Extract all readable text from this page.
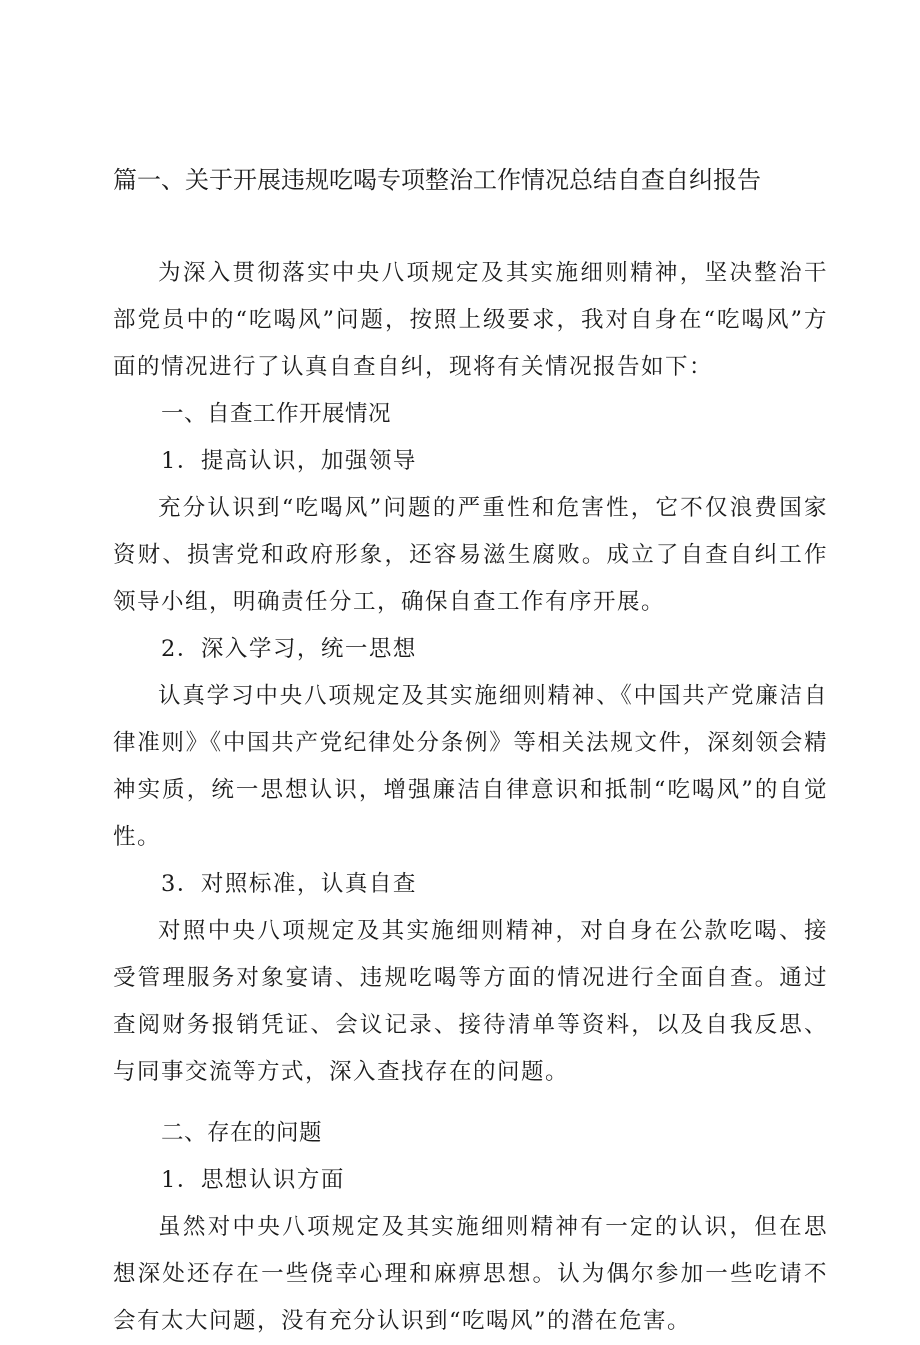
篇一、关于开展违规吃喝专项整治工作情况总结自查自纠报告

为深入贯彻落实中央八项规定及其实施细则精神，坚决整治干部党员中的“吃喝风”问题，按照上级要求，我对自身在“吃喝风”方面的情况进行了认真自查自纠，现将有关情况报告如下：

一、自查工作开展情况

1．提高认识，加强领导

充分认识到“吃喝风”问题的严重性和危害性，它不仅浪费国家资财、损害党和政府形象，还容易滋生腐败。成立了自查自纠工作领导小组，明确责任分工，确保自查工作有序开展。

2．深入学习，统一思想

认真学习中央八项规定及其实施细则精神、《中国共产党廉洁自律准则》《中国共产党纪律处分条例》等相关法规文件，深刻领会精神实质，统一思想认识，增强廉洁自律意识和抵制“吃喝风”的自觉性。

3．对照标准，认真自查

对照中央八项规定及其实施细则精神，对自身在公款吃喝、接受管理服务对象宴请、违规吃喝等方面的情况进行全面自查。通过查阅财务报销凭证、会议记录、接待清单等资料，以及自我反思、与同事交流等方式，深入查找存在的问题。

二、存在的问题

1．思想认识方面

虽然对中央八项规定及其实施细则精神有一定的认识，但在思想深处还存在一些侥幸心理和麻痹思想。认为偶尔参加一些吃请不会有太大问题，没有充分认识到“吃喝风”的潜在危害。
